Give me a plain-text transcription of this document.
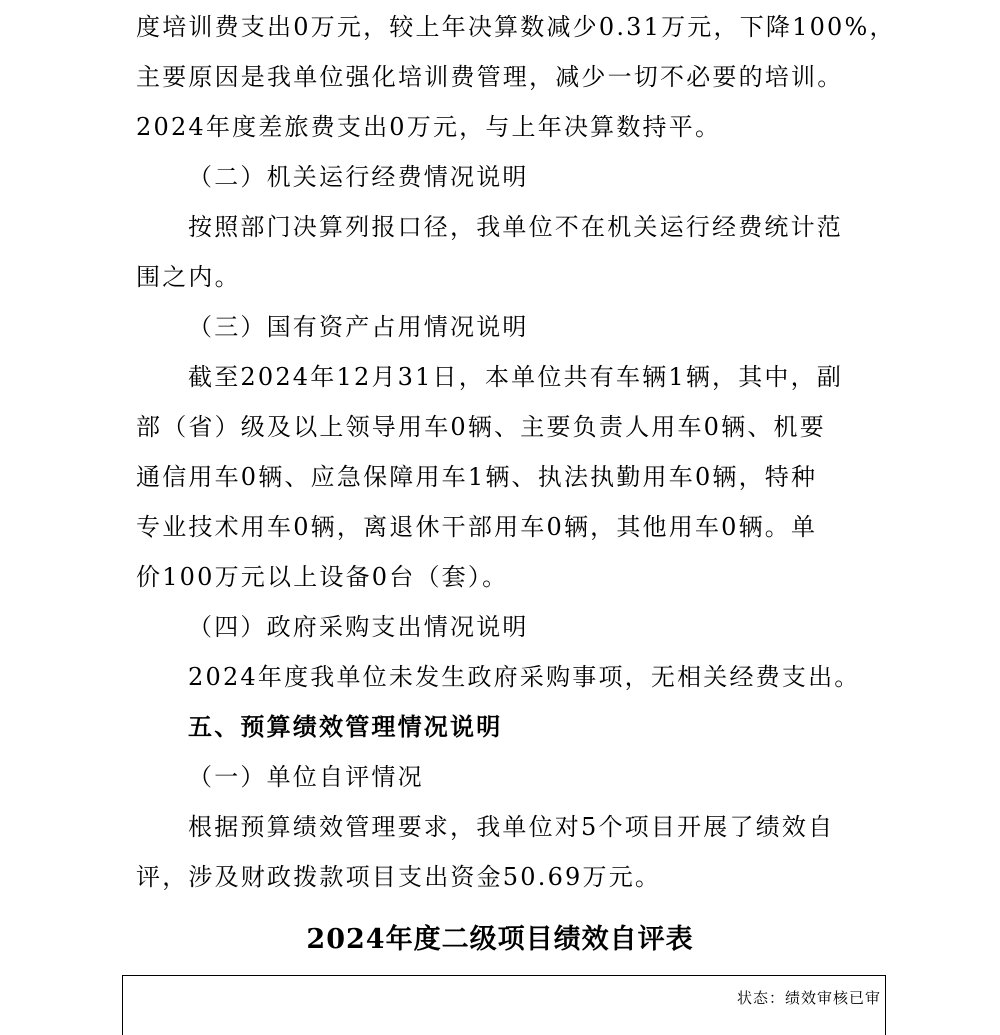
度培训费支出0万元，较上年决算数减少0.31万元，下降100%，
主要原因是我单位强化培训费管理，减少一切不必要的培训。
2024年度差旅费支出0万元，与上年决算数持平。
（二）机关运行经费情况说明
按照部门决算列报口径，我单位不在机关运行经费统计范
围之内。
（三）国有资产占用情况说明
截至2024年12月31日，本单位共有车辆1辆，其中，副
部（省）级及以上领导用车0辆、主要负责人用车0辆、机要
通信用车0辆、应急保障用车1辆、执法执勤用车0辆，特种
专业技术用车0辆，离退休干部用车0辆，其他用车0辆。单
价100万元以上设备0台（套）。
（四）政府采购支出情况说明
2024年度我单位未发生政府采购事项，无相关经费支出。
五、预算绩效管理情况说明
（一）单位自评情况
根据预算绩效管理要求，我单位对5个项目开展了绩效自
评，涉及财政拨款项目支出资金50.69万元。
2024年度二级项目绩效自评表
状态：绩效审核已审
